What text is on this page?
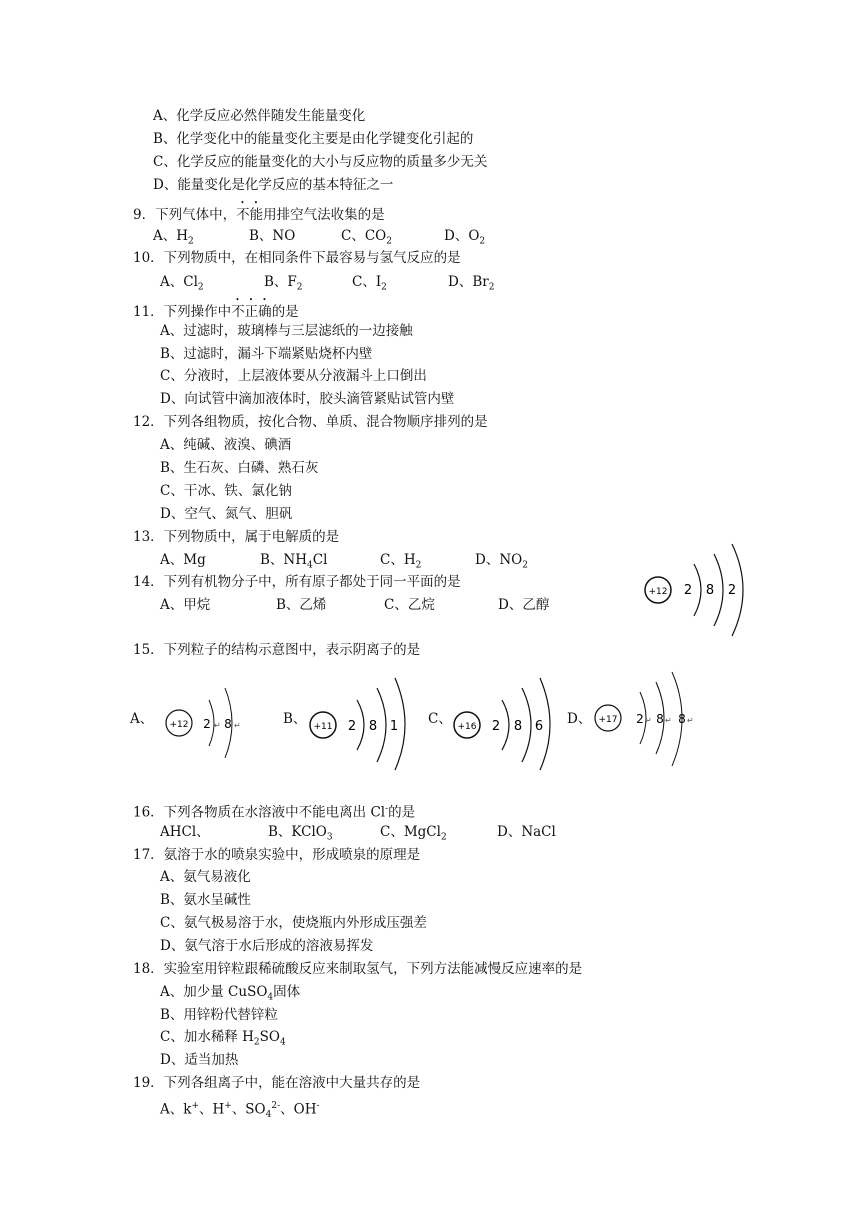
A、化学反应必然伴随发生能量变化
B、化学变化中的能量变化主要是由化学键变化引起的
C、化学反应的能量变化的大小与反应物的质量多少无关
D、能量变化是化学反应的基本特征之一
9．下列气体中，不能用排空气法收集的是
A、$H_2$	B、NO	C、$CO_2$	D、$O_2$
10．下列物质中，在相同条件下最容易与氢气反应的是
A、$Cl_2$	B、$F_2$	C、$I_2$	D、$Br_2$
11．下列操作中不正确的是
A、过滤时，玻璃棒与三层滤纸的一边接触
B、过滤时，漏斗下端紧贴烧杯内壁
C、分液时，上层液体要从分液漏斗上口倒出
D、向试管中滴加液体时，胶头滴管紧贴试管内壁
12．下列各组物质，按化合物、单质、混合物顺序排列的是
A、纯碱、液溴、碘酒
B、生石灰、白磷、熟石灰
C、干冰、铁、氯化钠
D、空气、氮气、胆矾
13．下列物质中，属于电解质的是
A、Mg	B、$NH_4Cl$	C、$H_2$	D、$NO_2$
14．下列有机物分子中，所有原子都处于同一平面的是
A、甲烷	B、乙烯	C、乙烷	D、乙醇
+12 2 8 2
15．下列粒子的结构示意图中，表示阴离子的是
A、 +12 2 8
↵ ↵	B、 +11 2 8 1 C、 +16 2 8 6 D、 +17 2 8 8
↵ ↵ ↵
16．下列各物质在水溶液中不能电离出 Cl-的是
AHCl、	B、KClO$_3$	C、MgCl$_2$	D、NaCl
17．氨溶于水的喷泉实验中，形成喷泉的原理是
A、氨气易液化
B、氨水呈碱性
C、氨气极易溶于水，使烧瓶内外形成压强差
D、氨气溶于水后形成的溶液易挥发
18．实验室用锌粒跟稀硫酸反应来制取氢气，下列方法能减慢反应速率的是
A、加少量 CuSO$_4$固体
B、用锌粉代替锌粒
C、加水稀释 $H_2SO_4$
D、适当加热
19．下列各组离子中，能在溶液中大量共存的是
A、k+、H+、$SO_4^{2-}$、OH-
